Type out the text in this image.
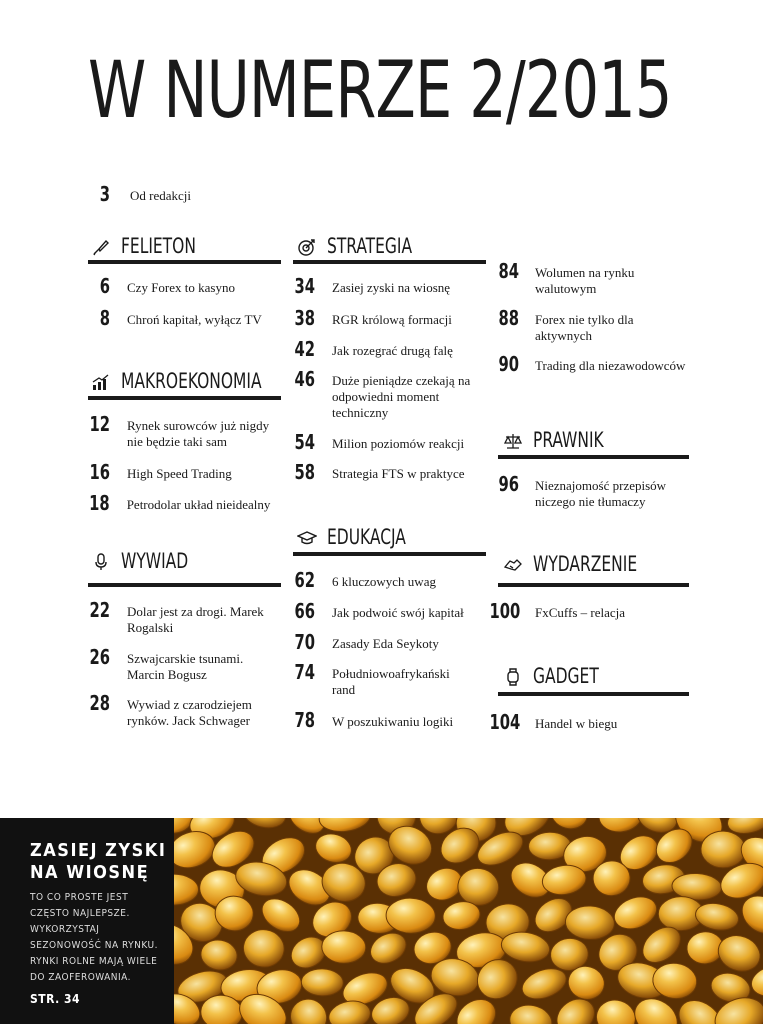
W NUMERZE 2/2015
3 Od redakcji
FELIETON
6 Czy Forex to kasyno
8 Chroń kapitał, wyłącz TV
MAKROEKONOMIA
12 Rynek surowców już nigdy nie będzie taki sam
16 High Speed Trading
18 Petrodolar układ nieidealny
WYWIAD
22 Dolar jest za drogi. Marek Rogalski
26 Szwajcarskie tsunami. Marcin Bogusz
28 Wywiad z czarodziejem rynków. Jack Schwager
STRATEGIA
34 Zasiej zyski na wiosnę
38 RGR królową formacji
42 Jak rozegrać drugą falę
46 Duże pieniądze czekają na odpowiedni moment techniczny
54 Milion poziomów reakcji
58 Strategia FTS w praktyce
EDUKACJA
62 6 kluczowych uwag
66 Jak podwoić swój kapitał
70 Zasady Eda Seykoty
74 Południowoafrykański rand
78 W poszukiwaniu logiki
84 Wolumen na rynku walutowym
88 Forex nie tylko dla aktywnych
90 Trading dla niezawodowców
PRAWNIK
96 Nieznajomość przepisów niczego nie tłumaczy
WYDARZENIE
100 FxCuffs – relacja
GADGET
104 Handel w biegu
ZASIEJ ZYSKI NA WIOSNĘ
TO CO PROSTE JEST CZĘSTO NAJLEPSZE. WYKORZYSTAJ SEZONOWOŚĆ NA RYNKU. RYNKI ROLNE MAJĄ WIELE DO ZAOFEROWANIA.
STR. 34
